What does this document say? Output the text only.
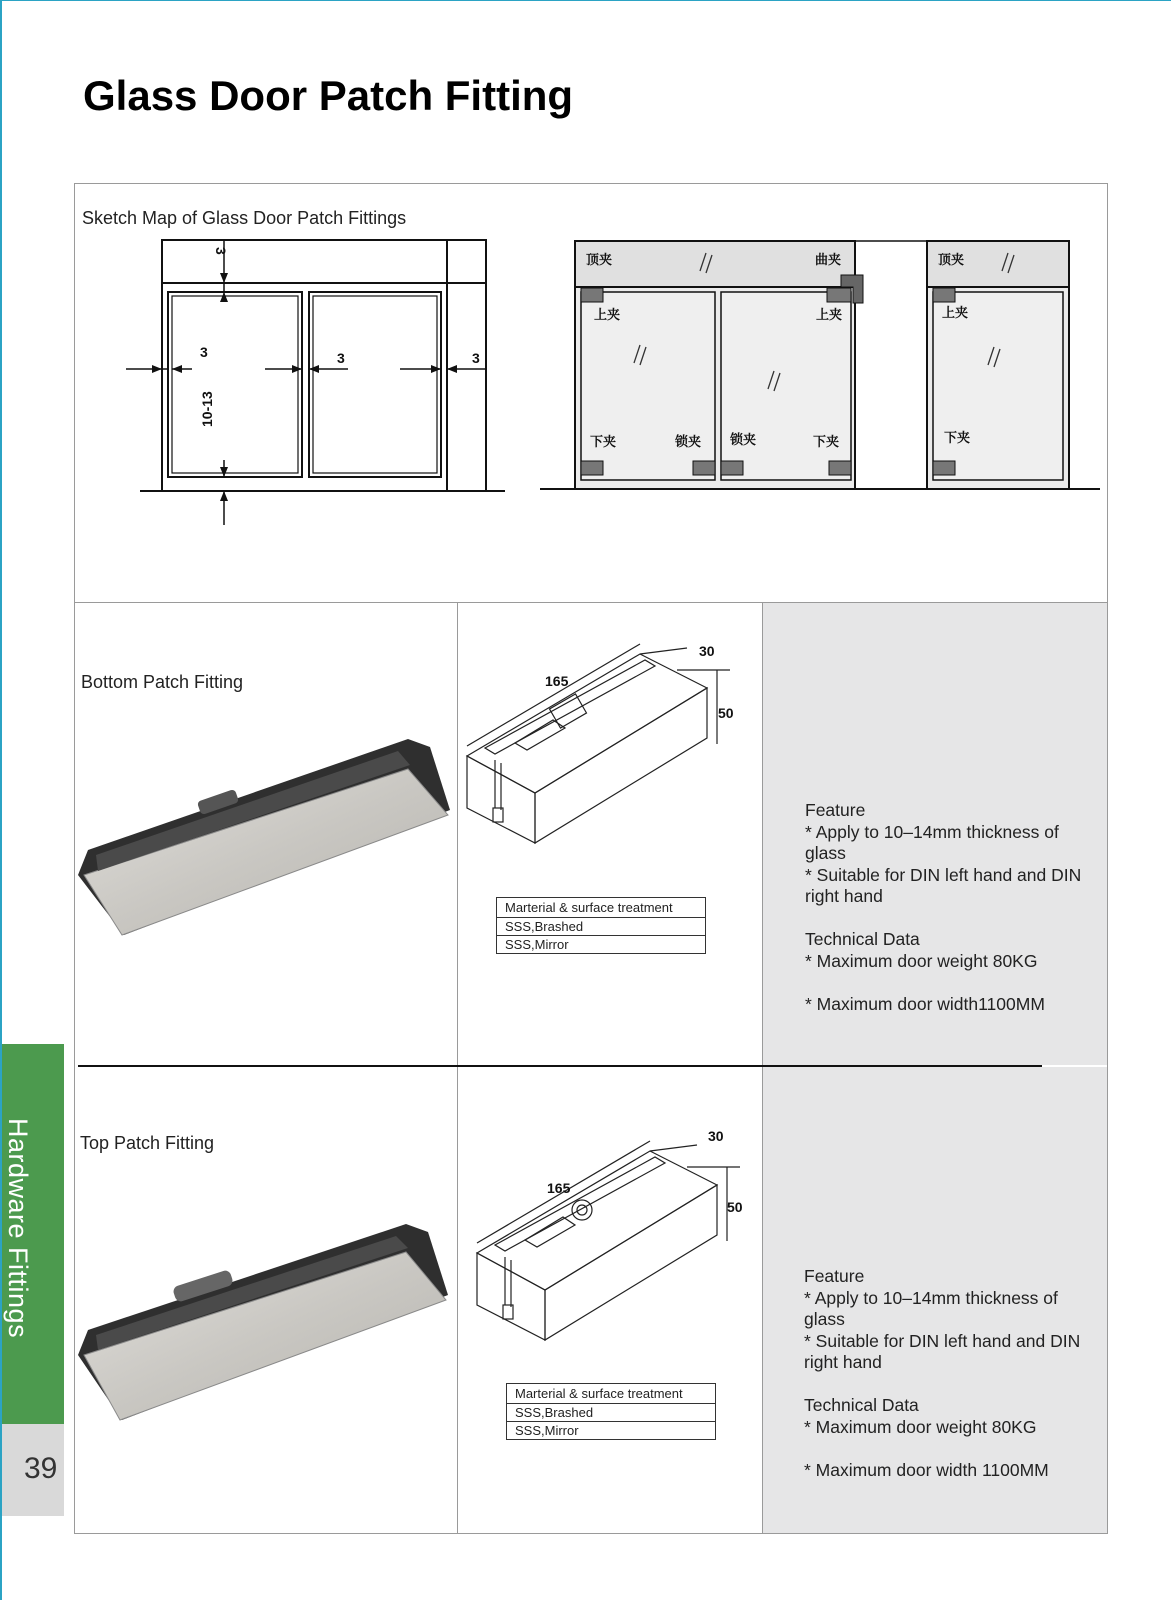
Glass Door Patch Fitting
Sketch Map of Glass Door Patch Fittings
3
3	3	3
10-13
顶夹	曲夹	顶夹
上夹	上夹	上夹
下夹	锁夹 锁夹	下夹	下夹
Bottom Patch Fitting	165
30
50
Marterial & surface treatment
SSS,Brashed
SSS,Mirror
Feature
* Apply to 10–14mm thickness of glass
* Suitable for DIN left hand and DIN right hand
Technical Data
* Maximum door weight 80KG
* Maximum door width1100MM
Top Patch Fitting
165
30
50
Marterial & surface treatment
SSS,Brashed
SSS,Mirror
Feature
* Apply to 10–14mm thickness of glass
* Suitable for DIN left hand and DIN right hand
Technical Data
* Maximum door weight 80KG
* Maximum door width 1100MM
Hardware Fittings
39
